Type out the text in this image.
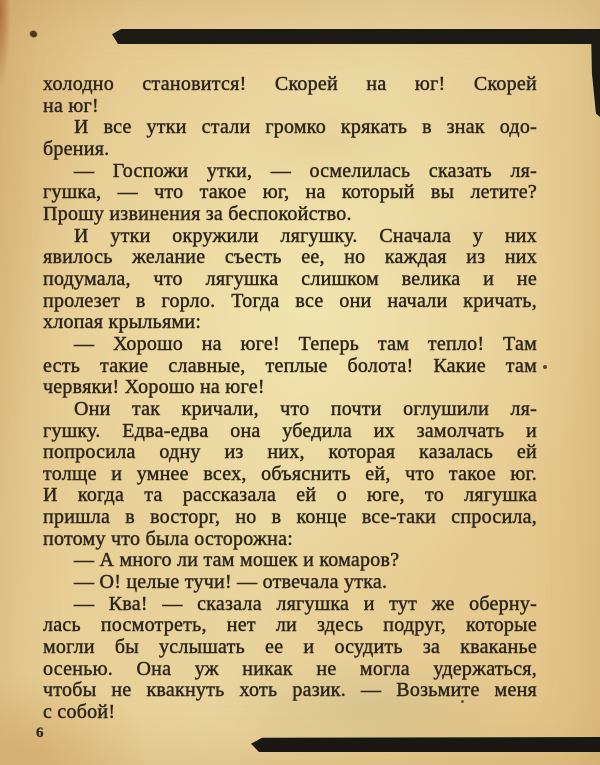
холодно становится! Скорей на юг! Скорей
на юг!
И все утки стали громко крякать в знак одо-
брения.
— Госпожи утки, — осмелилась сказать ля-
гушка, — что такое юг, на который вы летите?
Прошу извинения за беспокойство.
И утки окружили лягушку. Сначала у них
явилось желание съесть ее, но каждая из них
подумала, что лягушка слишком велика и не
пролезет в горло. Тогда все они начали кричать,
хлопая крыльями:
— Хорошо на юге! Теперь там тепло! Там
есть такие славные, теплые болота! Какие там
червяки! Хорошо на юге!
Они так кричали, что почти оглушили ля-
гушку. Едва-едва она убедила их замолчать и
попросила одну из них, которая казалась ей
толще и умнее всех, объяснить ей, что такое юг.
И когда та рассказала ей о юге, то лягушка
пришла в восторг, но в конце все-таки спросила,
потому что была осторожна:
— А много ли там мошек и комаров?
— О! целые тучи! — отвечала утка.
— Ква! — сказала лягушка и тут же оберну-
лась посмотреть, нет ли здесь подруг, которые
могли бы услышать ее и осудить за кваканье
осенью. Она уж никак не могла удержаться,
чтобы не квакнуть хоть разик. — Возьмите меня
с собой!
6
